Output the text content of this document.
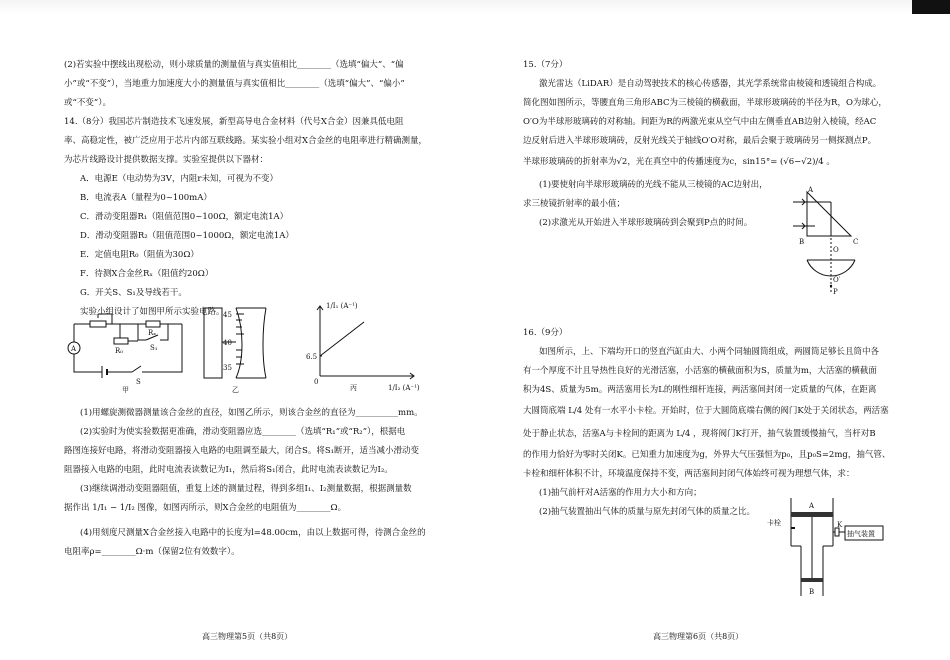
(2)若实验中摆线出现松动，则小球质量的测量值与真实值相比________（选填“偏大”、“偏
小”或“不变”），当地重力加速度大小的测量值与真实值相比________（选填“偏大”、“偏小”
或“不变”）。
14.（8分）我国芯片制造技术飞速发展，新型高导电合金材料（代号X合金）因兼具低电阻
率、高稳定性，被广泛应用于芯片内部互联线路。某实验小组对X合金丝的电阻率进行精确测量，
为芯片线路设计提供数据支撑。实验室提供以下器材：
A．电源E（电动势为3V，内阻r未知，可视为不变）
B．电流表A（量程为0~100mA）
C．滑动变阻器R₁（阻值范围0~100Ω，额定电流1A）
D．滑动变阻器R₂（阻值范围0~1000Ω，额定电流1A）
E．定值电阻R₀（阻值为30Ω）
F．待测X合金丝Rₓ（阻值约20Ω）
G．开关S、S₁及导线若干。
实验小组设计了如图甲所示实验电路。
A	R₀
Rₓ
S₁
S
甲
45
40
35
乙
1/I₁ (A⁻¹)
1/I₂ (A⁻¹)
6.5
0
丙
(1)用螺旋测微器测量该合金丝的直径，如图乙所示，则该合金丝的直径为__________mm。
(2)实验时为使实验数据更准确，滑动变阻器应选________（选填“R₁”或“R₂”），根据电
路图连接好电路，将滑动变阻器接入电路的电阻调至最大，闭合S。将S₁断开，适当减小滑动变
阻器接入电路的电阻，此时电流表读数记为I₁，然后将S₁闭合，此时电流表读数记为I₂。
(3)继续调滑动变阻器阻值，重复上述的测量过程，得到多组I₁、I₂测量数据，根据测量数
据作出 1/I₁ − 1/I₂ 图像，如图丙所示，则X合金丝的电阻值为________Ω。
(4)用刻度尺测量X合金丝接入电路中的长度为l=48.00cm，由以上数据可得，待测合金丝的
电阻率ρ=________Ω·m（保留2位有效数字）。
高三物理第5页（共8页）
15.（7分）
激光雷达（LiDAR）是自动驾驶技术的核心传感器，其光学系统常由棱镜和透镜组合构成。
简化图如图所示，等腰直角三角形ABC为三棱镜的横截面，半球形玻璃砖的半径为R，O为球心，
O′O为半球形玻璃砖的对称轴。间距为R的两激光束从空气中由左侧垂直AB边射入棱镜，经AC
边反射后进入半球形玻璃砖，反射光线关于轴线O′O对称，最后会聚于玻璃砖另一侧探测点P。
半球形玻璃砖的折射率为√2，光在真空中的传播速度为c，sin15°= (√6−√2)/4 。
(1)要使射向半球形玻璃砖的光线不能从三棱镜的AC边射出，
求三棱镜折射率的最小值；
(2)求激光从开始进入半球形玻璃砖到会聚到P点的时间。
A
B	C
O
O′
P
16.（9分）
如图所示，上、下端均开口的竖直汽缸由大、小两个同轴圆筒组成，两圆筒足够长且筒中各
有一个厚度不计且导热性良好的光滑活塞，小活塞的横截面积为S，质量为m，大活塞的横截面
积为4S、质量为5m。两活塞用长为L的刚性细杆连接，两活塞间封闭一定质量的气体，在距离
大圆筒底端 L/4 处有一水平小卡栓。开始时，位于大圆筒底端右侧的阀门K处于关闭状态，两活塞
处于静止状态，活塞A与卡栓间的距离为 L/4 ，现将阀门K打开，抽气装置缓慢抽气，当杆对B
的作用力恰好为零时关闭K。已知重力加速度为g，外界大气压强恒为p₀，且p₀S=2mg，抽气管、
卡栓和细杆体积不计，环境温度保持不变，两活塞间封闭气体始终可视为理想气体，求：
(1)抽气前杆对A活塞的作用力大小和方向；
(2)抽气装置抽出气体的质量与原先封闭气体的质量之比。
A
B
K
卡栓
抽气装置
高三物理第6页（共8页）
